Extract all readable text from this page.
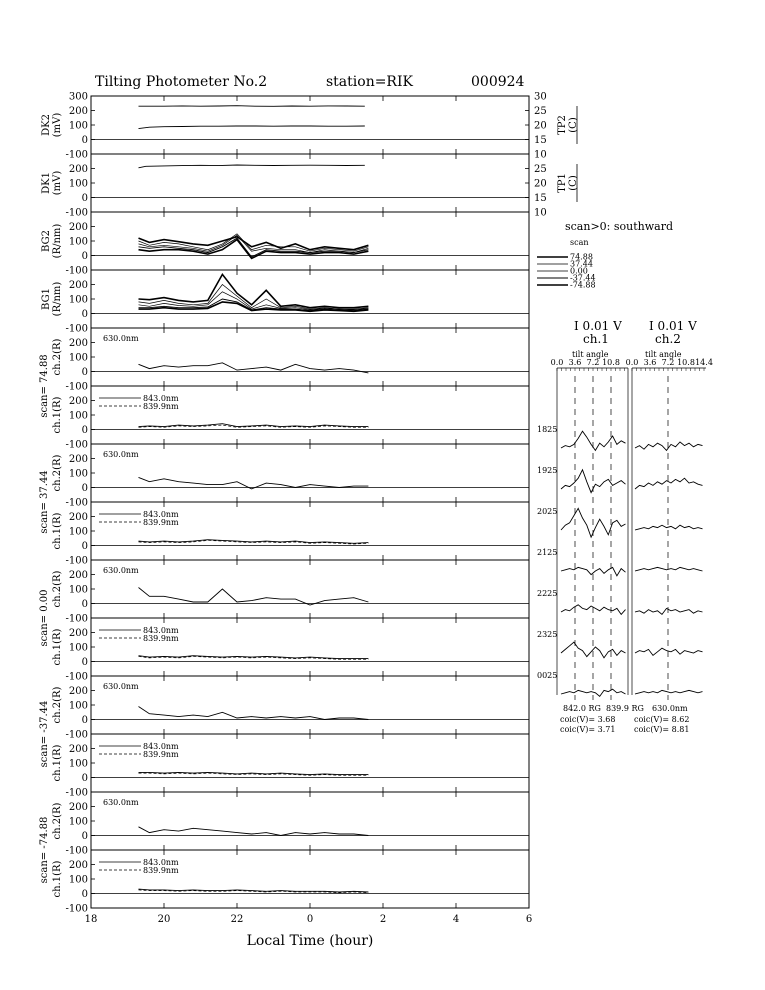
Tilting Photometer No.2	station=RIK	000924
300
200
100
0
-100
30
25
20
15
10
TP2 (C)
DK2 (mV)
200
100
0
-100
25
20
15
10
TP1 (C)
DK1 (mV)
200
100
0
-100
BG2 (R/nm)
200
100
0
-100
BG1 (R/nm)
200
100
0
-100
ch.2(R)
scan= 74.88
630.0nm
200
100
0
-100
ch.1(R)	843.0nm
839.9nm
200
100
0
-100
ch.2(R)
scan= 37.44
630.0nm
200
100
0
-100
ch.1(R)	843.0nm
839.9nm
200
100
0
-100
ch.2(R)
scan= 0.00
630.0nm
200
100
0
-100
ch.1(R)	843.0nm
839.9nm
200
100
0
-100
ch.2(R)
scan= -37.44
630.0nm
200
100
0
-100
ch.1(R)	843.0nm
839.9nm
200
100
0
-100
ch.2(R)
scan= -74.88
630.0nm
200
100
0
-100
ch.1(R)	843.0nm
839.9nm
18	20	22	0	2	4	6
Local Time (hour)
scan>0: southward
scan
74.88
37.44
0.00
-37.44
-74.88
I 0.01 V
ch.1
I 0.01 V
ch.2
tilt angle	tilt angle
842.0 RG 839.9 RG 630.0nm
coic(V)= 3.68
coic(V)= 3.71
coic(V)= 8.62
coic(V)= 8.81
0.0 3.6 7.2 10.8 0.0 3.6 7.2 10.8 14.4
1825
1925
2025
2125
2225
2325
0025
